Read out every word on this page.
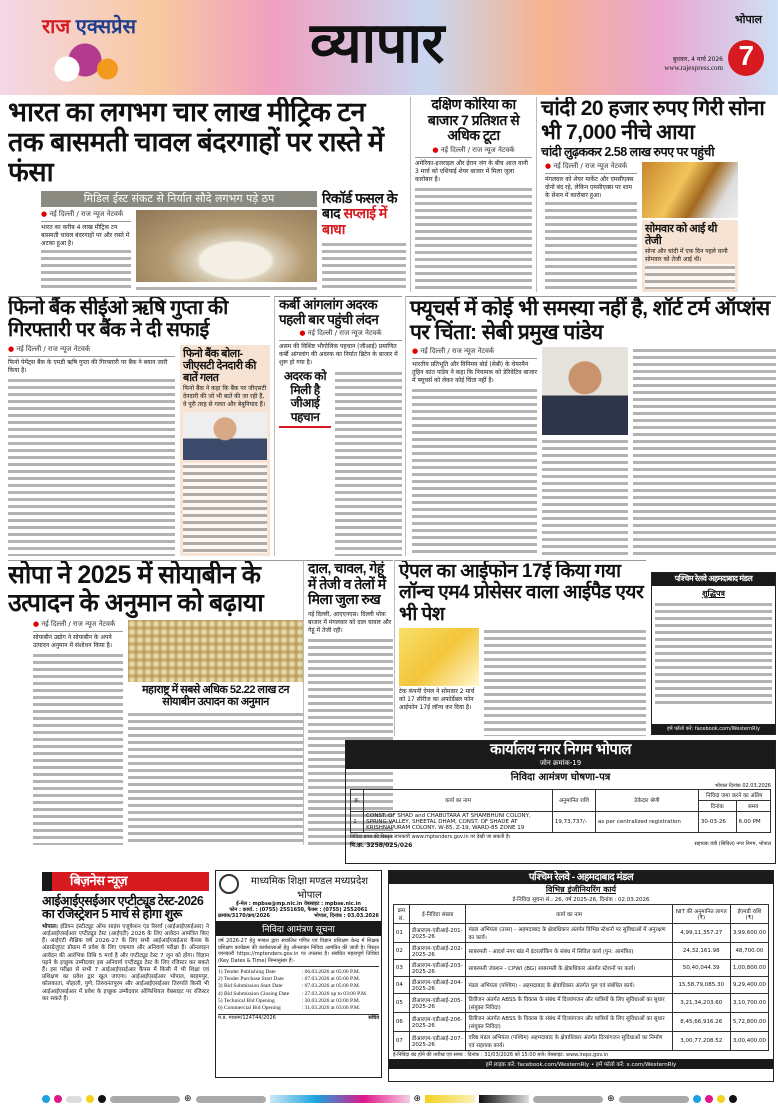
राज एक्सप्रेस	व्यापार	भोपाल
बुधवार, 4 मार्च 2026
www.rajexpress.com 7
भारत का लगभग चार लाख मीट्रिक टन तक बासमती चावल बंदरगाहों पर रास्ते में फंसा
मिडिल ईस्ट संकट से निर्यात सौदे लगभग पड़े ठप
● नई दिल्ली / राज न्यूज नेटवर्क

भारत का करीब 4 लाख मीट्रिक टन बासमती चावल बंदरगाहों पर और रास्ते में अटका हुआ है।

रिकॉर्ड फसल के बाद सप्लाई में बाधा
दक्षिण कोरिया का बाजार 7 प्रतिशत से अधिक टूटा
● नई दिल्ली / राज न्यूज नेटवर्क

अमेरिका-इजराइल और ईरान जंग के बीच आज यानी 3 मार्च को एशियाई शेयर बाजार में मिला जुला कारोबार है।

चांदी 20 हजार रुपए गिरी सोना भी 7,000 नीचे आया
चांदी लुढ़ककर 2.58 लाख रुपए पर पहुंची
● नई दिल्ली / राज न्यूज नेटवर्क

मंगलवार को शेयर मार्केट और एमसीएक्स दोनों बंद रहे, लेकिन एमसीएक्स पर शाम के सेशन में कारोबार हुआ।

सोमवार को आई थी तेजी

सोना और चांदी में एक दिन पहले यानी सोमवार को तेजी आई थी।

फिनो बैंक सीईओ ऋषि गुप्ता की गिरफ्तारी पर बैंक ने दी सफाई
● नई दिल्ली / राज न्यूज नेटवर्क

फिनो पेमेंट्स बैंक के एमडी ऋषि गुप्ता की गिरफ्तारी पर बैंक ने बयान जारी किया है।

फिनो बैंक बोला- जीएसटी देनदारी की बातें गलत

फिनो बैंक ने कहा कि बैंक पर जीएसटी देनदारी की जो भी बातें की जा रही हैं, वे पूरी तरह से गलत और बेबुनियाद हैं।

कर्बी आंगलांग अदरक पहली बार पहुंची लंदन
● नई दिल्ली / राज न्यूज नेटवर्क

असम की विशिष्ट भौगोलिक पहचान (जीआई) प्रमाणित कर्बी आंगलांग की अदरक का निर्यात ब्रिटेन के बाजार में शुरू हो गया है।

अदरक को मिली है जीआई पहचान
फ्यूचर्स में कोई भी समस्या नहीं है, शॉर्ट टर्म ऑप्शंस पर चिंता: सेबी प्रमुख पांडेय
● नई दिल्ली / राज न्यूज नेटवर्क

भारतीय प्रतिभूति और विनिमय बोर्ड (सेबी) के चेयरमैन तुहिन कांत पांडेय ने कहा कि नियामक को डेरिवेटिव बाजार में फ्यूचर्स को लेकर कोई चिंता नहीं है।

सोपा ने 2025 में सोयाबीन के उत्पादन के अनुमान को बढ़ाया
● नई दिल्ली / राज न्यूज नेटवर्क

सोयाबीन उद्योग ने सोयाबीन के अपने उत्पादन अनुमान में संशोधन किया है।

महाराष्ट्र में सबसे अधिक 52.22 लाख टन सोयाबीन उत्पादन का अनुमान
दाल, चावल, गेहूं में तेजी व तेलों में मिला जुला रुख

नई दिल्ली, आएएनएस। दिल्ली थोक बाजार में मंगलवार को दाल चावल और गेहूं में तेजी रही।

ऐपल का आईफोन 17ई किया गया लॉन्च एम4 प्रोसेसर वाला आईपैड एयर भी पेश

टेक कंपनी ऐपल ने सोमवार 2 मार्च को 17 सीरीज का अफोर्डेबल फोन आईफोन 17ई लॉन्च कर दिया है।

पश्चिम रेलवे अहमदाबाद मंडल
शुद्धिपत्र
हमें फॉलो करें: facebook.com/WesternRly
कार्यालय नगर निगम भोपाल
जोन क्रमांक-19
निविदा आमंत्रण घोषणा-पत्र
भोपाल दिनांक 02.03.2026
क्र.	कार्य का नाम	अनुमानित राशि	ठेकेदार श्रेणी	निविदा जमा करने का अंतिम	
				दिनांक	समय
1	CONST. OF SHAD and CHABUTARA AT SHAMBHUNI COLONY, SPRING VALLEY, SHEETAL DHAM, CONST. OF SHADE AT KRISHNAPURAM COLONY, W-85, Z-19, WARD-85 ZONE 19	19,73,737/-	as per centralized registration	30-03-26	6.00 PM
निविदा प्रपत्र की विस्तृत जानकारी www.mptenders.gov.in पर देखी जा सकती है।
पि.क्र. 3258/025/026	सहायक यंत्री (सिविल) नगर निगम, भोपाल
बिज़नेस न्यूज़
आईआईएसईआर एप्टीट्यूड टेस्ट-2026 का रजिस्ट्रेशन 5 मार्च से होगा शुरू

भोपाल। इंडियन इंस्टीट्यूट ऑफ साइंस एजुकेशन एंड रिसर्च (आईआईएसईआर) ने आईआईएसईआर एप्टीट्यूड टेस्ट (आईएटी) 2026 के लिए आवेदन आमंत्रित किए हैं। आईएटी शैक्षिक वर्ष 2026-27 के लिए सभी आईआईएसईआर कैंपस के अंडरग्रेजुएट प्रोग्राम में प्रवेश के लिए एकमात्र और अनिवार्य परीक्षा है। ऑनलाइन आवेदन की आरंभिक तिथि 5 मार्च है और एप्टीट्यूड टेस्ट 7 जून को होगा। विज्ञान पढ़ने के इच्छुक उम्मीदवार इस अनिवार्य एप्टीट्यूड टेस्ट के लिए रजिस्टर कर सकते हैं। इस परीक्षा से सभी 7 आईआईएसईआर कैंपस में किसी में भी शिक्षा एवं प्रशिक्षण का प्रवेश द्वार खुल जाएगा। आईआईएसईआर भोपाल, बरहमपुर, कोलकाता, मोहाली, पुणे, तिरुवनंतपुरम और आईआईएसईआर तिरुपति किसी भी आईआईएसईआर में प्रवेश के इच्छुक उम्मीदवार ऑफिशियल वेबसाइट पर रजिस्टर कर सकते हैं।

माध्यमिक शिक्षा मण्डल मध्यप्रदेश
भोपाल
ई-मेल : mpbse@mp.nic.in वेबसाइट : mpbse.nic.in
फोन : कार्या. : (0755) 2551650, फैक्स : (0755) 2552061
क्रमांक/3170/क्रय/2026	भोपाल, दिनांक : 03.03.2026
निविदा आमंत्रण सूचना

वर्ष 2026-27 हेतु मण्डल द्वारा संचालित गणित एवं विज्ञान प्रशिक्षण केन्द्र में शिक्षक प्रशिक्षण कार्यक्रम की कार्यशालाओं हेतु ऑनलाइन निविदा आमंत्रित की जाती है। विस्तृत जानकारी https://mptenders.gov.in पर उपलब्ध है। संबंधित महत्वपूर्ण तिथियां (Key Dates & Time) निम्नानुसार हैं:-

1) Tender Publishing Date	: 06.03.2026 at 05:00 P.M.
2) Tender Purchase Start Date	: 07.03.2026 at 05:00 P.M.
3) Bid Submission Start Date	: 07.03.2026 at 05:00 P.M.
4) Bid Submission Closing Date	: 27.03.2026 up to 03:00 P.M.
5) Technical Bid Opening	: 30.03.2026 at 03:00 P.M.
6) Commercial Bid Opening	: 31.03.2026 at 03:00 P.M.
म.प्र. माध्यम/124744/2026	सचिव
पश्चिम रेलवे - अहमदाबाद मंडल
विभिन्न इंजीनियरिंग कार्य
ई-निविदा सूचना सं.: 26, वर्ष 2025-26, दिनांक : 02.03.2026
क्रम सं.	ई-निविदा संख्या	कार्य का नाम	NIT की अनुमानित लागत (₹)	ईएमडी राशि (₹)
01	डीआरएम-एडीआई-201-2025-26	मंडल अभियंता (उत्तर) - अहमदाबाद के क्षेत्राधिकार अंतर्गत विभिन्न स्टेशनों पर सुविधाओं में अनुरक्षण का कार्य।	4,99,11,357.27	3,99,600.00
02	डीआरएम-एडीआई-202-2025-26	साबरमती - आदर्श नगर खंड में इंटरलॉकिंग के संबंध में सिविल कार्य (पुन: आमंत्रित)	24,32,161.98	48,700.00
03	डीआरएम-एडीआई-203-2025-26	साबरमती जंक्शन - CPWI (BG) साबरमती के क्षेत्राधिकार अंतर्गत स्टेशनों पर कार्य।	50,40,044.39	1,00,800.00
04	डीआरएम-एडीआई-204-2025-26	मंडल अभियंता (पश्चिम) - अहमदाबाद के क्षेत्राधिकार अंतर्गत पुल एवं संबंधित कार्य।	15,58,79,085.30	9,29,400.00
05	डीआरएम-एडीआई-205-2025-26	डिवीजन अंतर्गत ABSS के विकास के संबंध में दिव्यांगजन और यात्रियों के लिए सुविधाओं का सुधार (संयुक्त निविदा)	3,21,34,203.60	3,10,700.00
06	डीआरएम-एडीआई-206-2025-26	डिवीजन अंतर्गत ABSS के विकास के संबंध में दिव्यांगजन और यात्रियों के लिए सुविधाओं का सुधार (संयुक्त निविदा)	8,45,66,916.26	5,72,800.00
07	डीआरएम-एडीआई-207-2025-26	वरिष्ठ मंडल अभियंता (पश्चिम) अहमदाबाद के क्षेत्राधिकार अंतर्गत दिव्यांगजन सुविधाओं का निर्माण एवं सहायक कार्य।	3,00,77,208.52	3,00,400.00
ई-निविदा बंद होने की तारीख एवं समय : दिनांक : 31/03/2026 को 15:00 बजे। वेबसाइट: www.ireps.gov.in
हमें लाइक करें: facebook.com/WesternRly • हमें फॉलो करें: x.com/WesternRly
⊕	⊕	⊕
